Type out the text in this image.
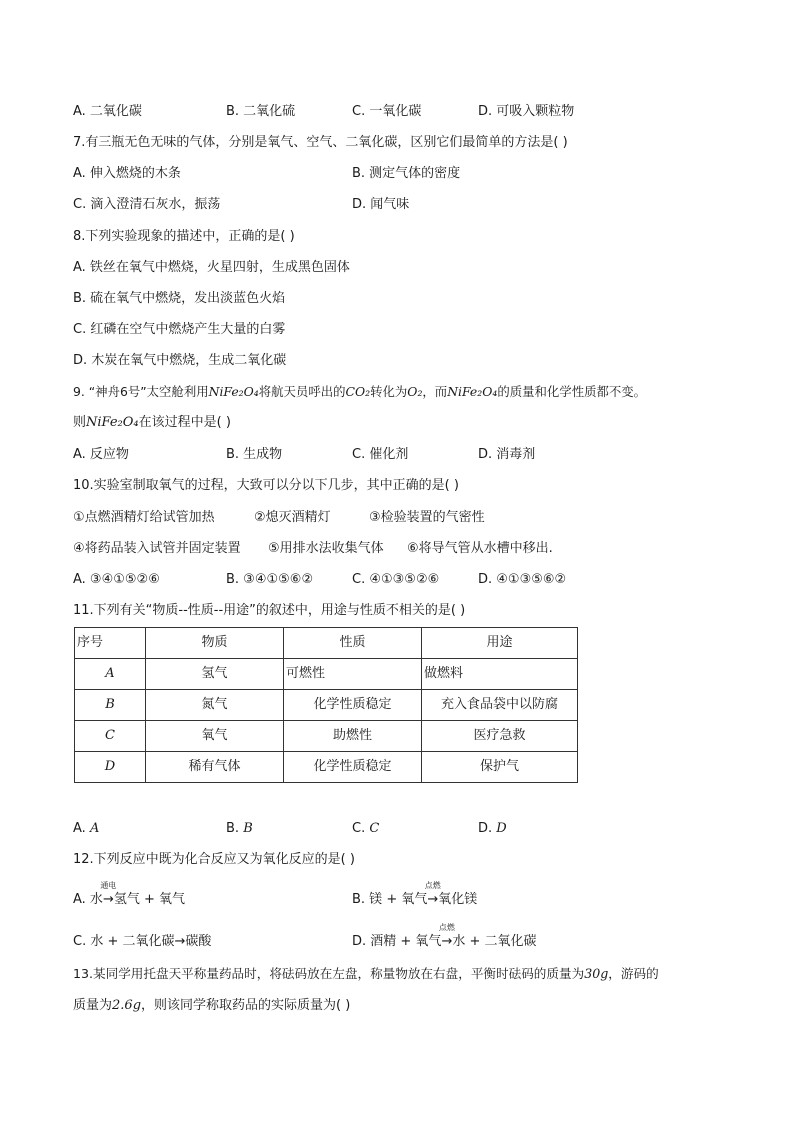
A. 二氧化碳	B. 二氧化硫	C. 一氧化碳	D. 可吸入颗粒物
7.有三瓶无色无味的气体，分别是氧气、空气、二氧化碳，区别它们最简单的方法是( )
A. 伸入燃烧的木条	B. 测定气体的密度
C. 滴入澄清石灰水，振荡	D. 闻气味
8.下列实验现象的描述中，正确的是( )
A. 铁丝在氧气中燃烧，火星四射，生成黑色固体
B. 硫在氧气中燃烧，发出淡蓝色火焰
C. 红磷在空气中燃烧产生大量的白雾
D. 木炭在氧气中燃烧，生成二氧化碳
9. “神舟6号”太空舱利用NiFe₂O₄将航天员呼出的CO₂转化为O₂，而NiFe₂O₄的质量和化学性质都不变。
则NiFe₂O₄在该过程中是( )
A. 反应物	B. 生成物	C. 催化剂	D. 消毒剂
10.实验室制取氧气的过程，大致可以分以下几步，其中正确的是( )
①点燃酒精灯给试管加热	②熄灭酒精灯	③检验装置的气密性
④将药品装入试管并固定装置 ⑤用排水法收集气体 ⑥将导气管从水槽中移出.
A. ③④①⑤②⑥	B. ③④①⑤⑥②	C. ④①③⑤②⑥	D. ④①③⑤⑥②
11.下列有关“物质--性质--用途”的叙述中，用途与性质不相关的是( )
序号	物质	性质	用途
A	氢气	可燃性	做燃料
B	氮气	化学性质稳定	充入食品袋中以防腐
C	氧气	助燃性	医疗急救
D	稀有气体	化学性质稳定	保护气
A. A	B. B	C. C	D. D
12.下列反应中既为化合反应又为氧化反应的是( )
A. 水
通电
→氢气 + 氧气	B. 镁 + 氧气
点燃
→氧化镁
C. 水 + 二氧化碳→碳酸	D. 酒精 + 氧气
点燃
→水 + 二氧化碳
13.某同学用托盘天平称量药品时，将砝码放在左盘，称量物放在右盘，平衡时砝码的质量为30g，游码的
质量为2.6g，则该同学称取药品的实际质量为( )
